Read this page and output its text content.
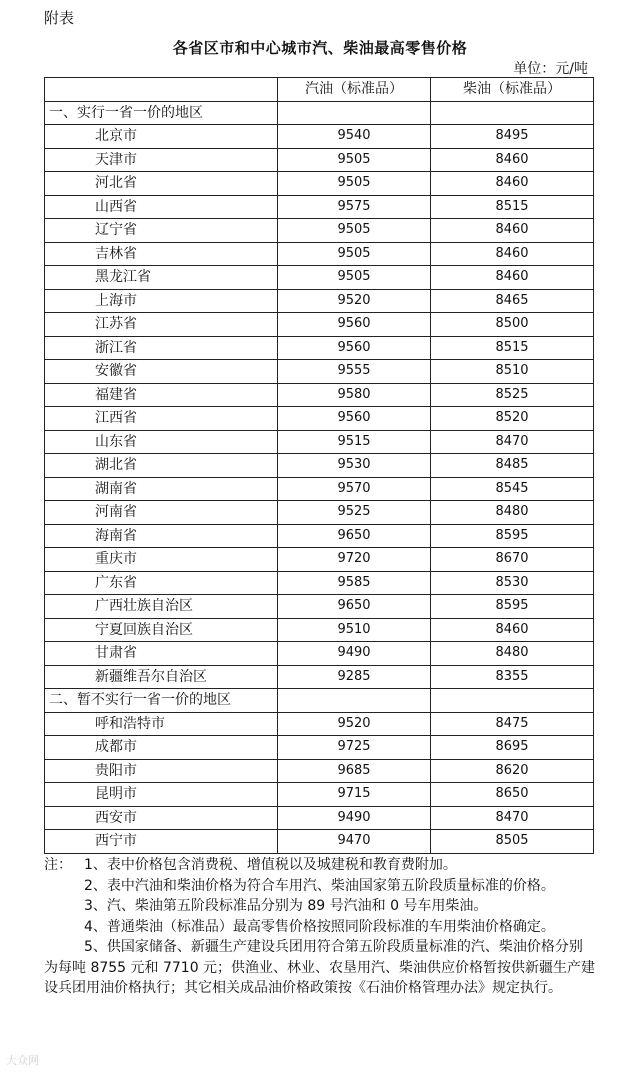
附表
各省区市和中心城市汽、柴油最高零售价格
单位：元/吨
	汽油（标准品）	柴油（标准品）
一、实行一省一价的地区		
北京市	9540	8495
天津市	9505	8460
河北省	9505	8460
山西省	9575	8515
辽宁省	9505	8460
吉林省	9505	8460
黑龙江省	9505	8460
上海市	9520	8465
江苏省	9560	8500
浙江省	9560	8515
安徽省	9555	8510
福建省	9580	8525
江西省	9560	8520
山东省	9515	8470
湖北省	9530	8485
湖南省	9570	8545
河南省	9525	8480
海南省	9650	8595
重庆市	9720	8670
广东省	9585	8530
广西壮族自治区	9650	8595
宁夏回族自治区	9510	8460
甘肃省	9490	8480
新疆维吾尔自治区	9285	8355
二、暂不实行一省一价的地区		
呼和浩特市	9520	8475
成都市	9725	8695
贵阳市	9685	8620
昆明市	9715	8650
西安市	9490	8470
西宁市	9470	8505
注： 1、表中价格包含消费税、增值税以及城建税和教育费附加。

2、表中汽油和柴油价格为符合车用汽、柴油国家第五阶段质量标准的价格。

3、汽、柴油第五阶段标准品分别为 89 号汽油和 0 号车用柴油。

4、普通柴油（标准品）最高零售价格按照同阶段标准的车用柴油价格确定。

5、供国家储备、新疆生产建设兵团用符合第五阶段质量标准的汽、柴油价格分别为每吨 8755 元和 7710 元；供渔业、林业、农垦用汽、柴油供应价格暂按供新疆生产建设兵团用油价格执行；其它相关成品油价格政策按《石油价格管理办法》规定执行。

大众网
